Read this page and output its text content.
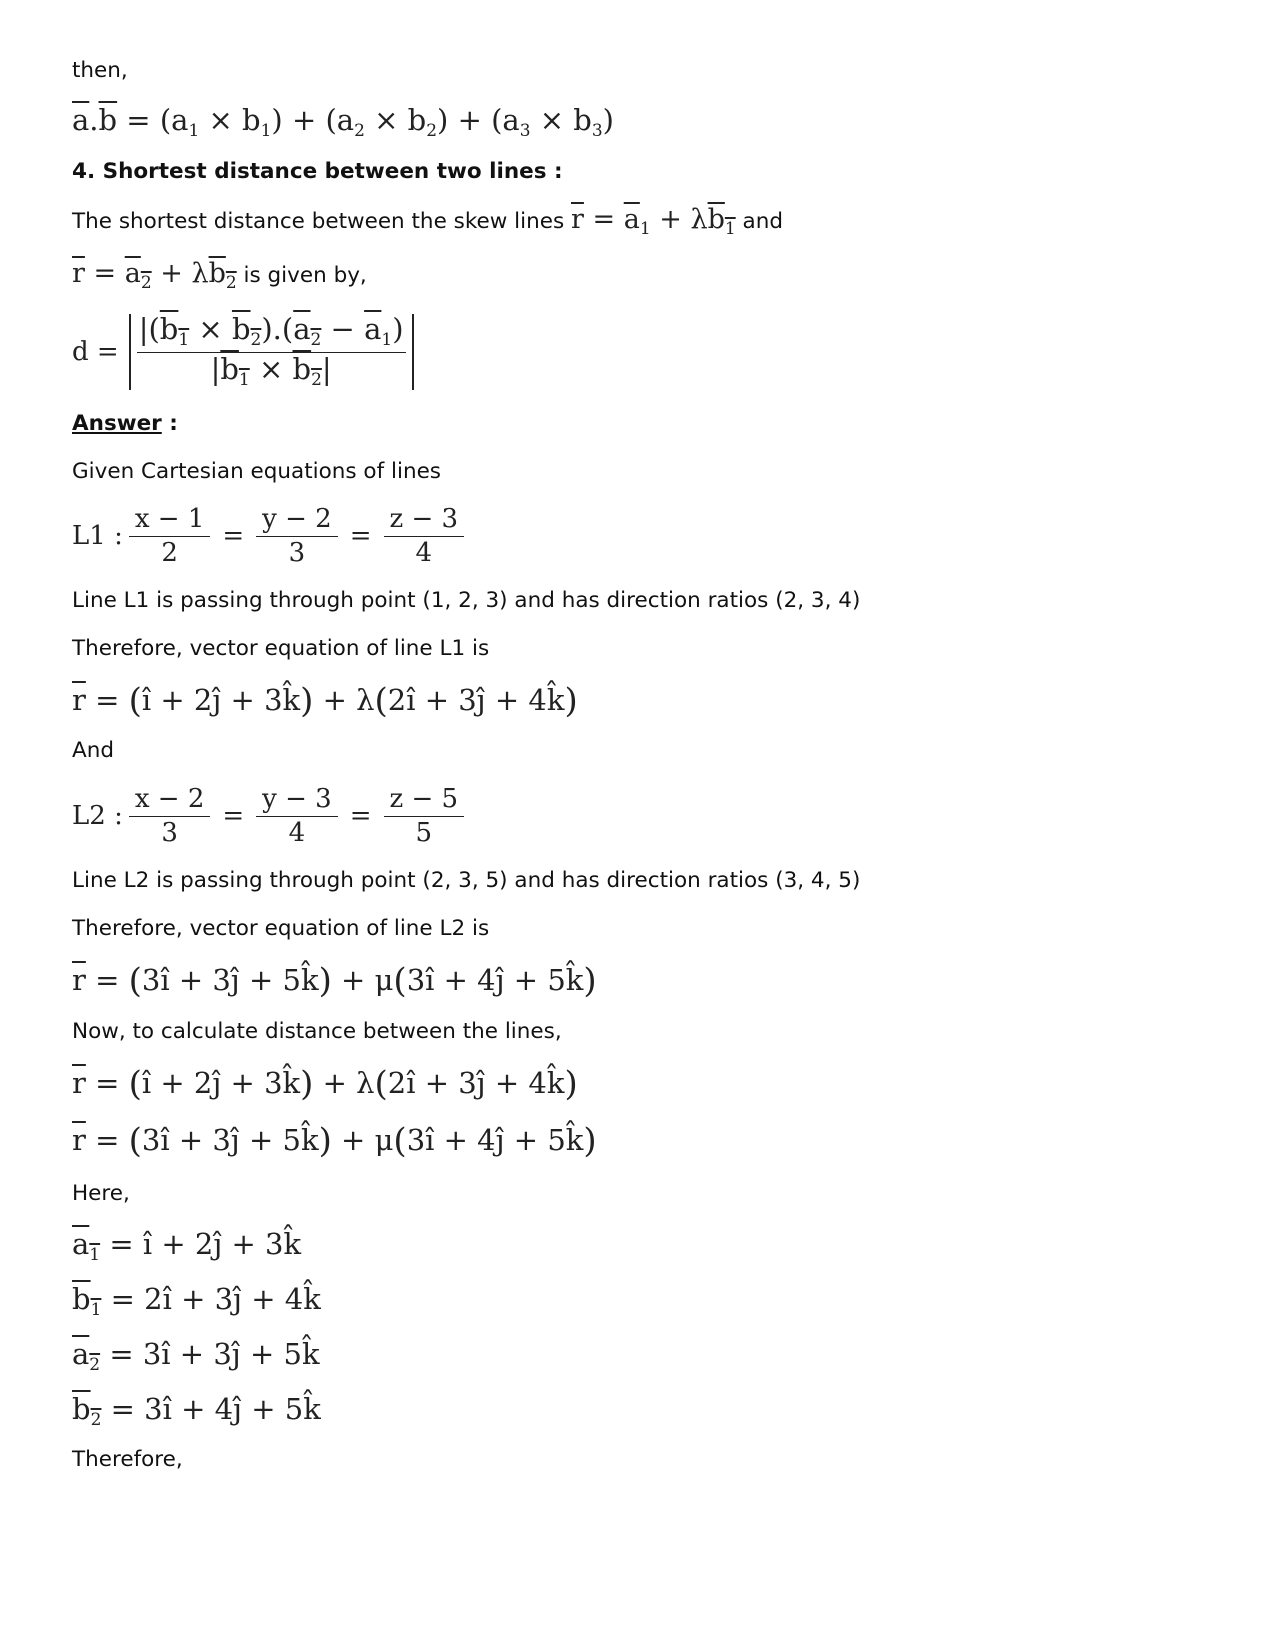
then,
$\overline{a}.\overline{b} = (a_1 \times b_1) + (a_2 \times b_2) + (a_3 \times b_3)$
4. Shortest distance between two lines :
The shortest distance between the skew lines $\overline{r} = \overline{a}_1 + \lambda b_1$ and
$\overline{r} = a_2 + \lambda b_2$ is given by,
$d = \frac{|(b_1 \times b_2).(a_2 - \overline{a}_1)}{|b_1 \times b_2|}$
Answer :
Given Cartesian equations of lines
L1 : $\frac{x - 1}{2} = \frac{y - 2}{3} = \frac{z - 3}{4}$
Line L1 is passing through point (1, 2, 3) and has direction ratios (2, 3, 4)
Therefore, vector equation of line L1 is
$\overline{r}$ = (î + 2ĵ + 3k̂) + λ(2î + 3ĵ + 4k̂)
And
L2 : $\frac{x - 2}{3} = \frac{y - 3}{4} = \frac{z - 5}{5}$
Line L2 is passing through point (2, 3, 5) and has direction ratios (3, 4, 5)
Therefore, vector equation of line L2 is
$\overline{r}$ = (3î + 3ĵ + 5k̂) + μ(3î + 4ĵ + 5k̂)
Now, to calculate distance between the lines,
$\overline{r}$ = (î + 2ĵ + 3k̂) + λ(2î + 3ĵ + 4k̂)
$\overline{r}$ = (3î + 3ĵ + 5k̂) + μ(3î + 4ĵ + 5k̂)
Here,
$a_1$ = î + 2ĵ + 3k̂
$b_1$ = 2î + 3ĵ + 4k̂
$a_2$ = 3î + 3ĵ + 5k̂
$b_2$ = 3î + 4ĵ + 5k̂
Therefore,
